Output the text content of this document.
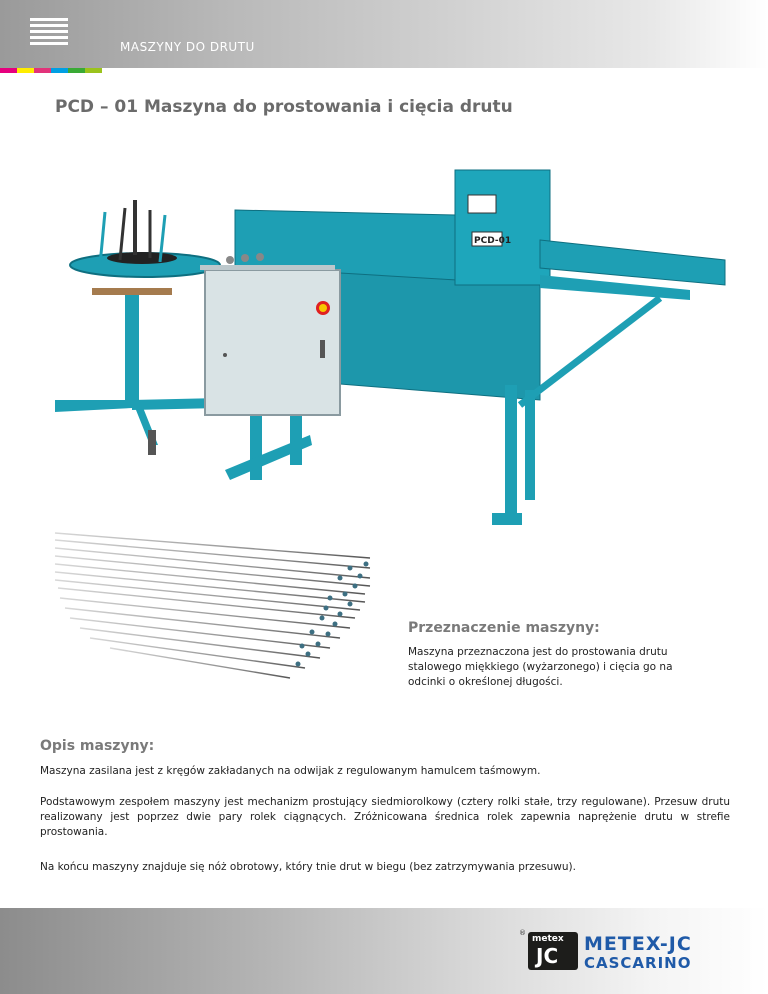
MASZYNY DO DRUTU
PCD – 01 Maszyna do prostowania i cięcia drutu
PCD-01
Przeznaczenie maszyny:
Maszyna przeznaczona jest do prostowania drutu
stalowego miękkiego (wyżarzonego) i cięcia go na
odcinki o określonej długości.
Opis maszyny:
Maszyna zasilana jest z kręgów zakładanych na odwijak z regulowanym hamulcem taśmowym.
Podstawowym zespołem maszyny jest mechanizm prostujący siedmiorolkowy (cztery rolki stałe, trzy regulowane). Przesuw drutu realizowany jest poprzez dwie pary rolek ciągnących. Zróżnicowana średnica rolek zapewnia naprężenie drutu w strefie prostowania.
Na końcu maszyny znajduje się nóż obrotowy, który tnie drut w biegu (bez zatrzymywania przesuwu).
®
metex
JC METEX-JC
CASCARINO
